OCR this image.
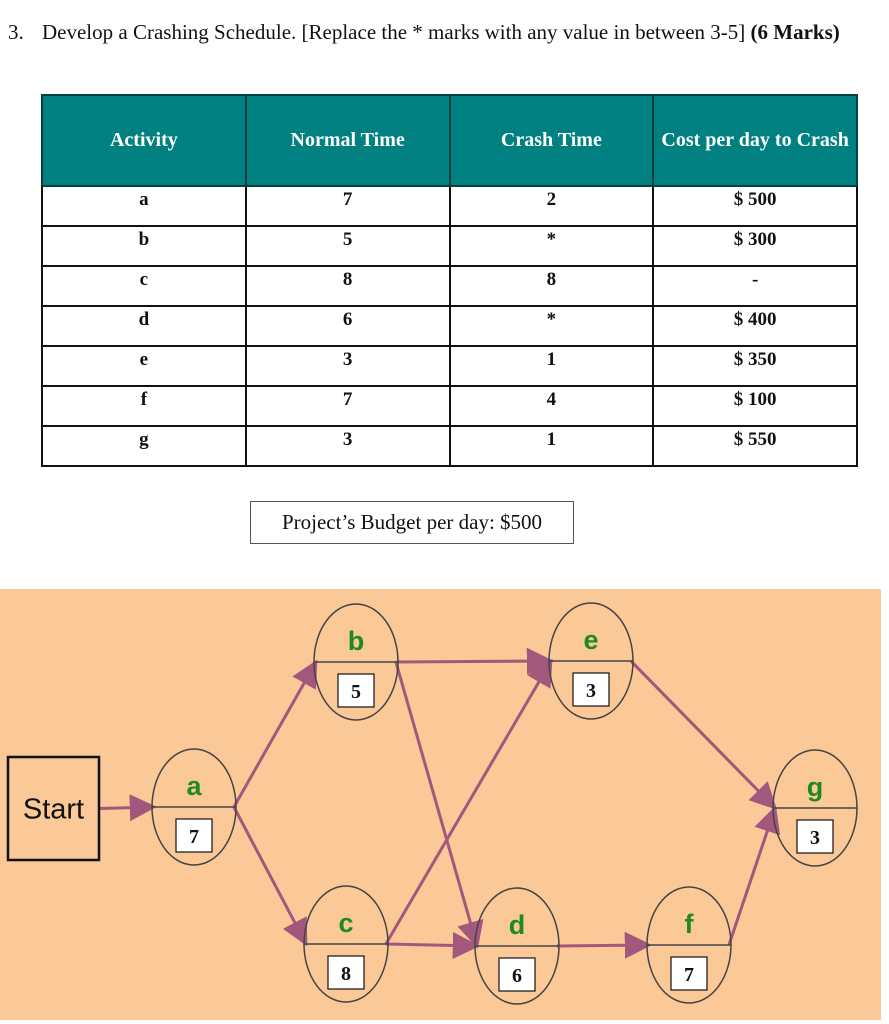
3. Develop a Crashing Schedule. [Replace the * marks with any value in between 3-5] (6 Marks)
Activity	Normal Time	Crash Time	Cost per day to Crash
a	7	2	$ 500
b	5	*	$ 300
c	8	8	-
d	6	*	$ 400
e	3	1	$ 350
f	7	4	$ 100
g	3	1	$ 550
Project’s Budget per day: $500
Start
a
7
b
5
c
8
d
6
e
3
f
7
g
3
